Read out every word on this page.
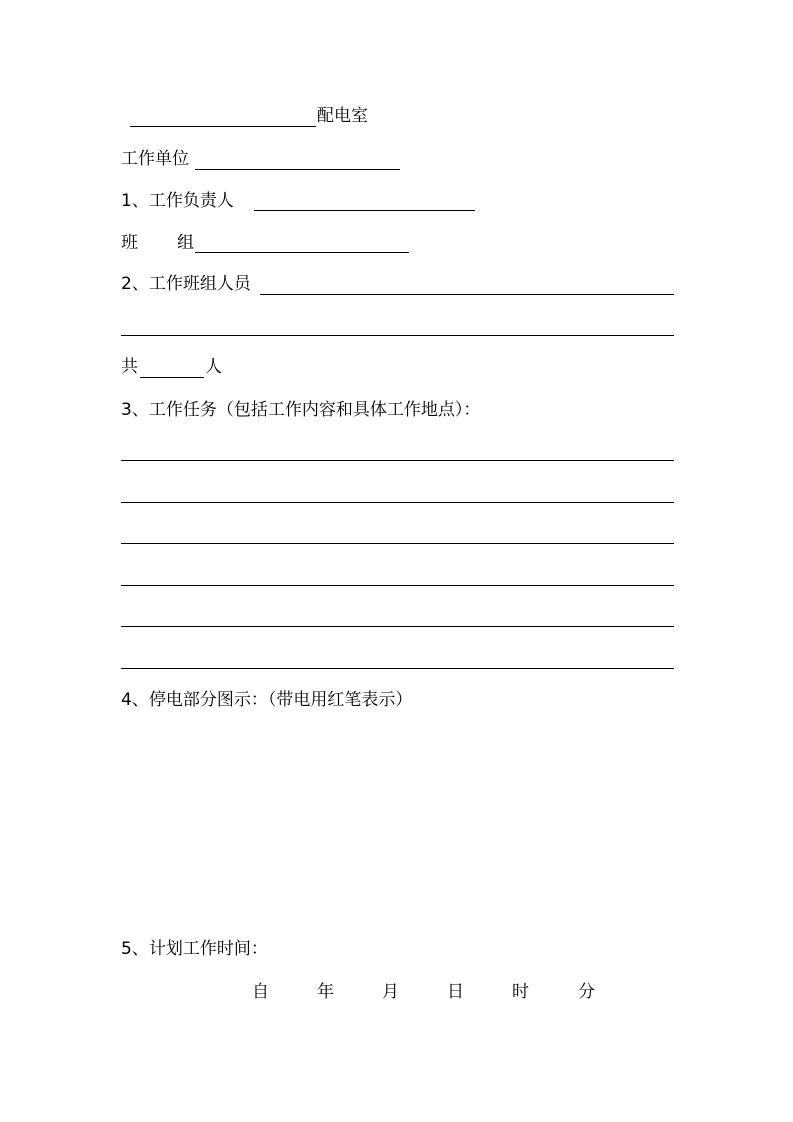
配电室
工作单位
1、工作负责人
班 组
2、工作班组人员
共	人
3、工作任务（包括工作内容和具体工作地点）：
4、停电部分图示：（带电用红笔表示）
5、计划工作时间：
自	年	月	日	时	分
